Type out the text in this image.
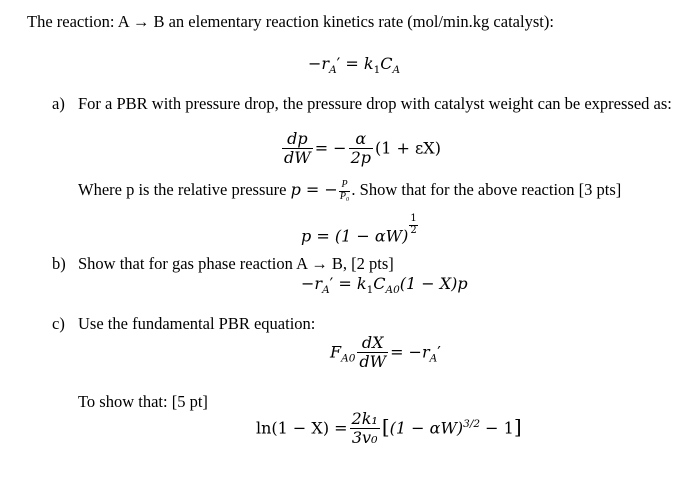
The reaction: A → B an elementary reaction kinetics rate (mol/min.kg catalyst):
$-r_A' = k_1C_A$
a) For a PBR with pressure drop, the pressure drop with catalyst weight can be expressed as:
$\frac{dp}{dW}$ = − $\frac{\alpha}{2p} (1 + \varepsilon X)$
Where p is the relative pressure p = − $\frac{P}{\text{P₀}}$ . Show that for the above reaction [3 pts]
$p = (1 - \alpha W) \frac{1}{2}$
b) Show that for gas phase reaction A → B, [2 pts]
$-r_A' = k_1C_{A0}(1 - X)p$
c) Use the fundamental PBR equation:
$F_{A0} \frac{dX}{dW} = -r_A'$
To show that: [5 pt]
$\ln(1 - X) = \frac{\text{2k₁}}{\text{3v₀}} [(1 - \alpha W)^{3/2} - 1]$
